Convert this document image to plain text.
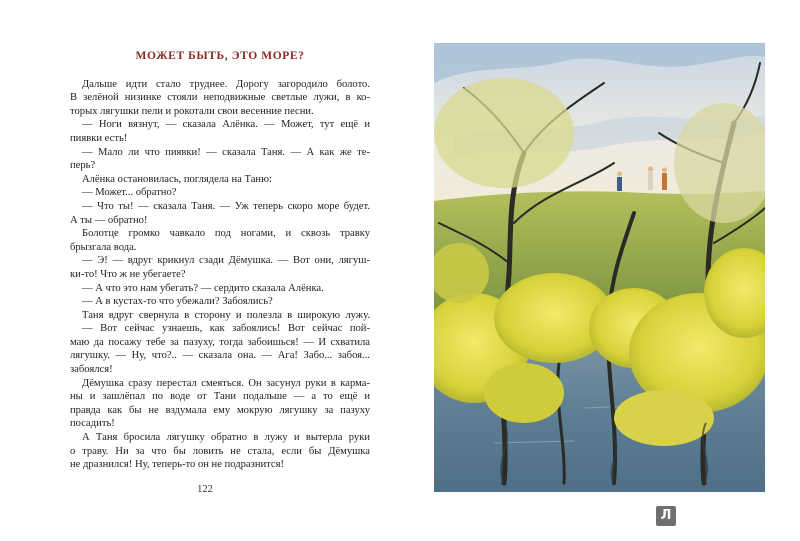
МОЖЕТ БЫТЬ, ЭТО МОРЕ?
Дальше идти стало труднее. Дорогу загородило болото.
В зелёной низинке стояли неподвижные светлые лужи, в ко-
торых лягушки пели и рокотали свои весенние песни.
— Ноги вязнут, — сказала Алёнка. — Может, тут ещё и
пиявки есть!
— Мало ли что пиявки! — сказала Таня. — А как же те-
перь?
Алёнка остановилась, поглядела на Таню:
— Может... обратно?
— Что ты! — сказала Таня. — Уж теперь скоро море будет.
А ты — обратно!
Болотце громко чавкало под ногами, и сквозь травку
брызгала вода.
— Э! — вдруг крикнул сзади Дёмушка. — Вот они, лягуш-
ки-то! Что ж не убегаете?
— А что это нам убегать? — сердито сказала Алёнка.
— А в кустах-то что убежали? Забоялись?
Таня вдруг свернула в сторону и полезла в широкую лужу.
— Вот сейчас узнаешь, как забоялись! Вот сейчас пой-
маю да посажу тебе за пазуху, тогда забоишься! — И схватила
лягушку. — Ну, что?.. — сказала она. — Ага! Забо... забоя...
забоялся!
Дёмушка сразу перестал смеяться. Он засунул руки в карма-
ны и зашлёпал по воде от Тани подальше — а то ещё и
правда как бы не вздумала ему мокрую лягушку за пазуху
посадить!
А Таня бросила лягушку обратно в лужу и вытерла руки
о траву. Ни за что бы ловить не стала, если бы Дёмушка
не дразнился! Ну, теперь-то он не подразнится!
122
Л
